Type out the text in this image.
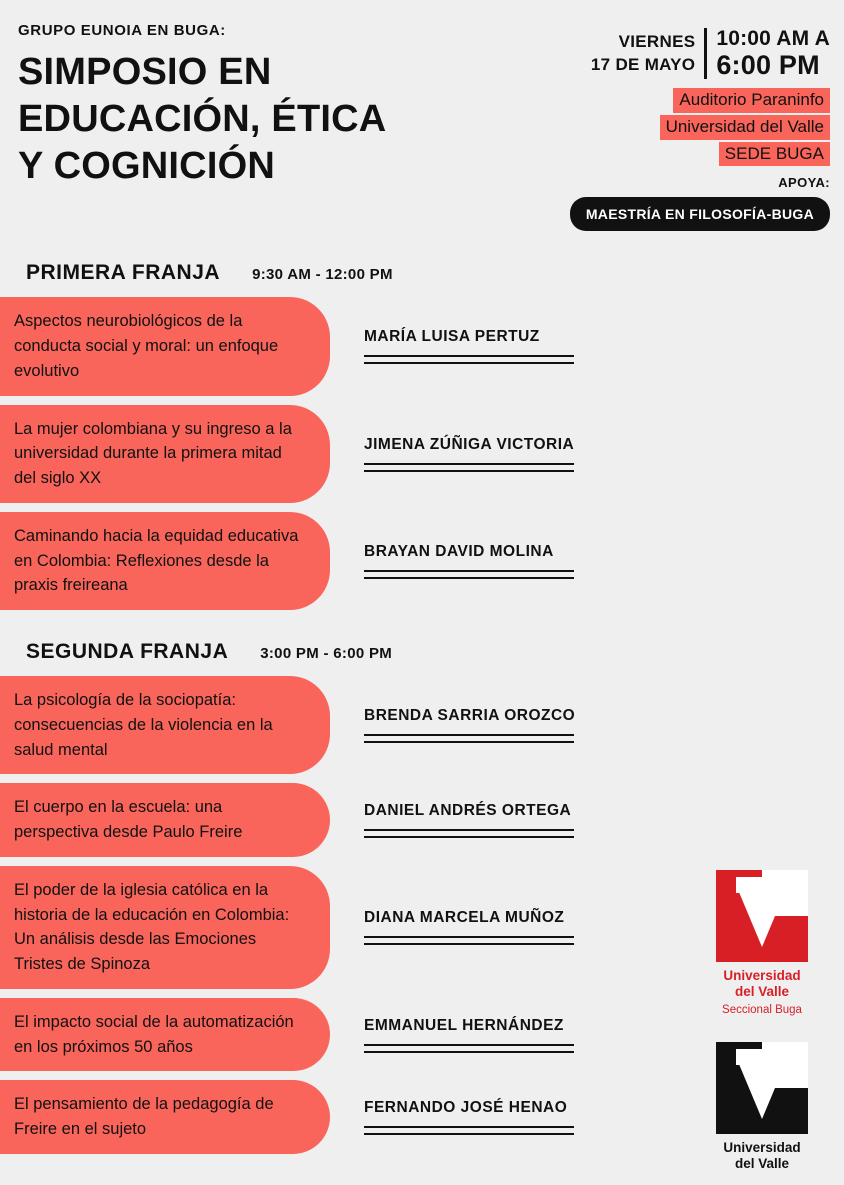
GRUPO EUNOIA EN BUGA:
SIMPOSIO EN
EDUCACIÓN, ÉTICA
Y COGNICIÓN
VIERNES
17 DE MAYO
10:00 AM A
6:00 PM
Auditorio Paraninfo
Universidad del Valle
SEDE BUGA
APOYA:
MAESTRÍA EN FILOSOFÍA-BUGA
PRIMERA FRANJA 9:30 AM - 12:00 PM
Aspectos neurobiológicos de la conducta social y moral: un enfoque evolutivo
MARÍA LUISA PERTUZ
La mujer colombiana y su ingreso a la universidad durante la primera mitad del siglo XX
JIMENA ZÚÑIGA VICTORIA
Caminando hacia la equidad educativa en Colombia: Reflexiones desde la praxis freireana
BRAYAN DAVID MOLINA
SEGUNDA FRANJA 3:00 PM - 6:00 PM
La psicología de la sociopatía: consecuencias de la violencia en la salud mental
BRENDA SARRIA OROZCO
El cuerpo en la escuela: una perspectiva desde Paulo Freire
DANIEL ANDRÉS ORTEGA
El poder de la iglesia católica en la historia de la educación en Colombia: Un análisis desde las Emociones Tristes de Spinoza
DIANA MARCELA MUÑOZ
El impacto social de la automatización en los próximos 50 años
EMMANUEL HERNÁNDEZ
El pensamiento de la pedagogía de Freire en el sujeto
FERNANDO JOSÉ HENAO
Universidad
del Valle
Seccional Buga
Universidad
del Valle
